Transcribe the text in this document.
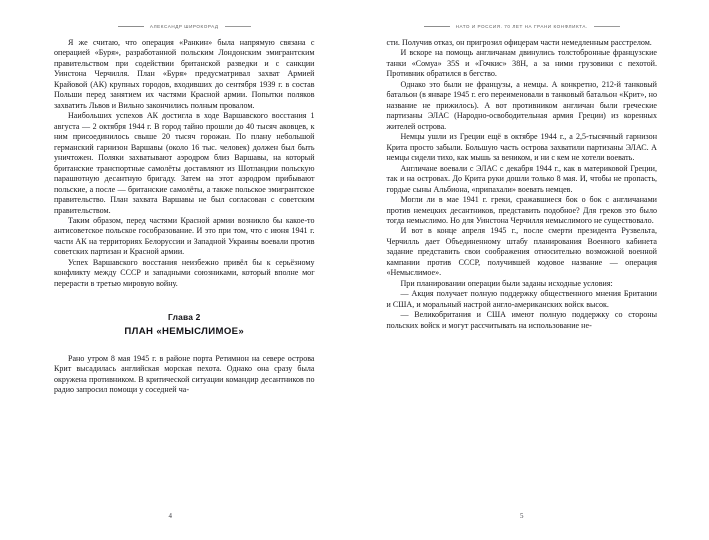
АЛЕКСАНДР ШИРОКОРАД

Я же считаю, что операция «Ранкин» была напрямую связана с операцией «Буря», разработанной польским Лондонским эмигрантским правительством при содействии британской разведки и с санкции Уинстона Черчилля. План «Буря» предусматривал захват Армией Крайовой (АК) крупных городов, входивших до сентября 1939 г. в состав Польши перед занятием их частями Красной армии. Попытки поляков захватить Львов и Вильно закончились полным провалом.

Наибольших успехов АК достигла в ходе Варшавского восстания 1 августа — 2 октября 1944 г. В город тайно прошли до 40 тысяч аковцев, к ним присоединилось свыше 20 тысяч горожан. По плану небольшой германский гарнизон Варшавы (около 16 тыс. человек) должен был быть уничтожен. Поляки захватывают аэродром близ Варшавы, на который британские транспортные самолёты доставляют из Шотландии польскую парашютную десантную бригаду. Затем на этот аэродром прибывают польские, а после — британские самолёты, а также польское эмигрантское правительство. План захвата Варшавы не был согласован с советским правительством.

Таким образом, перед частями Красной армии возникло бы какое-то антисоветское польское гособразование. И это при том, что с июня 1941 г. части АК на территориях Белоруссии и Западной Украины воевали против советских партизан и Красной армии.

Успех Варшавского восстания неизбежно привёл бы к серьёзному конфликту между СССР и западными союзниками, который вполне мог перерасти в третью мировую войну.

Глава 2
ПЛАН «НЕМЫСЛИМОЕ»

Рано утром 8 мая 1945 г. в районе порта Ретимнон на севере острова Крит высадилась английская морская пехота. Однако она сразу была окружена противником. В критической ситуации командир десантников по радио запросил помощи у соседней ча-

4
НАТО И РОССИЯ. 70 ЛЕТ НА ГРАНИ КОНФЛИКТА.

сти. Получив отказ, он пригрозил офицерам части немедленным расстрелом.

И вскоре на помощь англичанам двинулись толстобронные французские танки «Сомуа» 35S и «Гочкис» 38H, а за ними грузовики с пехотой. Противник обратился в бегство.

Однако это были не французы, а немцы. А конкретно, 212-й танковый батальон (в январе 1945 г. его переименовали в танковый батальон «Крит», но название не прижилось). А вот противником англичан были греческие партизаны ЭЛАС (Народно-освободительная армия Греции) из коренных жителей острова.

Немцы ушли из Греции ещё в октябре 1944 г., а 2,5-тысячный гарнизон Крита просто забыли. Большую часть острова захватили партизаны ЭЛАС. А немцы сидели тихо, как мышь за веником, и ни с кем не хотели воевать.

Англичане воевали с ЭЛАС с декабря 1944 г., как в материковой Греции, так и на островах. До Крита руки дошли только 8 мая. И, чтобы не пропасть, гордые сыны Альбиона, «припахали» воевать немцев.

Могли ли в мае 1941 г. греки, сражавшиеся бок о бок с англичанами против немецких десантников, представить подобное? Для греков это было тогда немыслимо. Но для Уинстона Черчилля немыслимого не существовало.

И вот в конце апреля 1945 г., после смерти президента Рузвельта, Черчилль дает Объединенному штабу планирования Военного кабинета задание представить свои соображения относительно возможной военной кампании против СССР, получившей кодовое название — операция «Немыслимое».

При планировании операции были заданы исходные условия:

— Акция получает полную поддержку общественного мнения Британии и США, и моральный настрой англо-американских войск высок.

— Великобритания и США имеют полную поддержку со стороны польских войск и могут рассчитывать на использование не-

5
